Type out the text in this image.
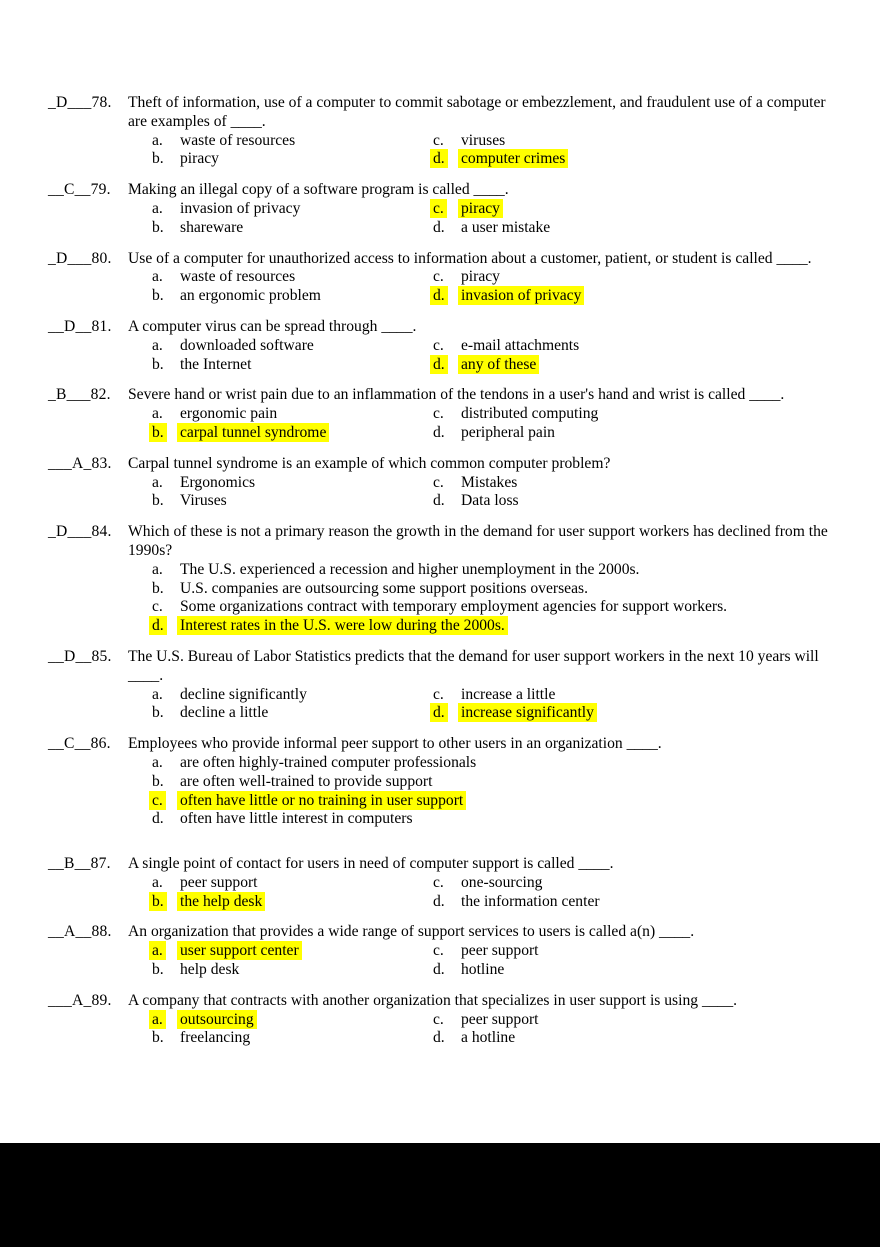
_D___78.	Theft of information, use of a computer to commit sabotage or embezzlement, and fraudulent use of a computer are examples of ____.
a.	waste of resources	c.	viruses
b.	piracy	d.	computer crimes
__C__79.	Making an illegal copy of a software program is called ____.
a.	invasion of privacy	c.	piracy
b.	shareware	d.	a user mistake
_D___80.	Use of a computer for unauthorized access to information about a customer, patient, or student is called ____.
a.	waste of resources	c.	piracy
b.	an ergonomic problem	d.	invasion of privacy
__D__81.	A computer virus can be spread through ____.
a.	downloaded software	c.	e-mail attachments
b.	the Internet	d.	any of these
_B___82.	Severe hand or wrist pain due to an inflammation of the tendons in a user's hand and wrist is called ____.
a.	ergonomic pain	c.	distributed computing
b.	carpal tunnel syndrome	d.	peripheral pain
___A_83.	Carpal tunnel syndrome is an example of which common computer problem?
a.	Ergonomics	c.	Mistakes
b.	Viruses	d.	Data loss
_D___84.	Which of these is not a primary reason the growth in the demand for user support workers has declined from the 1990s?
a.	The U.S. experienced a recession and higher unemployment in the 2000s.
b.	U.S. companies are outsourcing some support positions overseas.
c.	Some organizations contract with temporary employment agencies for support workers.
d.	Interest rates in the U.S. were low during the 2000s.
__D__85.	The U.S. Bureau of Labor Statistics predicts that the demand for user support workers in the next 10 years will ____.
a.	decline significantly	c.	increase a little
b.	decline a little	d.	increase significantly
__C__86.	Employees who provide informal peer support to other users in an organization ____.
a.	are often highly-trained computer professionals
b.	are often well-trained to provide support
c.	often have little or no training in user support
d.	often have little interest in computers
__B__87.	A single point of contact for users in need of computer support is called ____.
a.	peer support	c.	one-sourcing
b.	the help desk	d.	the information center
__A__88.	An organization that provides a wide range of support services to users is called a(n) ____.
a.	user support center	c.	peer support
b.	help desk	d.	hotline
___A_89.	A company that contracts with another organization that specializes in user support is using ____.
a.	outsourcing	c.	peer support
b.	freelancing	d.	a hotline
